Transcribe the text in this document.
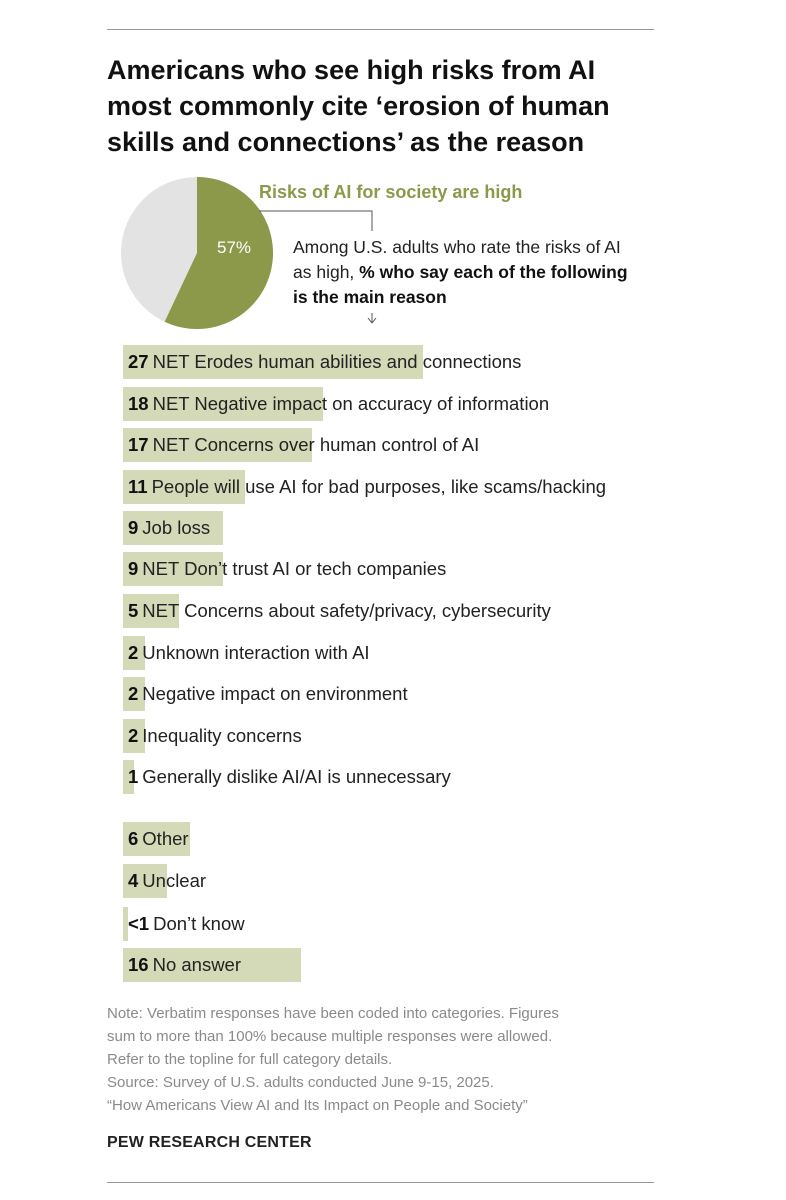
Americans who see high risks from AI most commonly cite ‘erosion of human skills and connections’ as the reason
57%
Risks of AI for society are high
Among U.S. adults who rate the risks of AI as high, % who say each of the following is the main reason
27 NET Erodes human abilities and connections
18 NET Negative impact on accuracy of information
17 NET Concerns over human control of AI
11 People will use AI for bad purposes, like scams/hacking
9 Job loss
9 NET Don’t trust AI or tech companies
5 NET Concerns about safety/privacy, cybersecurity
2 Unknown interaction with AI
2 Negative impact on environment
2 Inequality concerns
1 Generally dislike AI/AI is unnecessary
6 Other
4 Unclear
<1 Don’t know
16 No answer
Note: Verbatim responses have been coded into categories. Figures
sum to more than 100% because multiple responses were allowed.
Refer to the topline for full category details.
Source: Survey of U.S. adults conducted June 9-15, 2025.
“How Americans View AI and Its Impact on People and Society”
PEW RESEARCH CENTER
